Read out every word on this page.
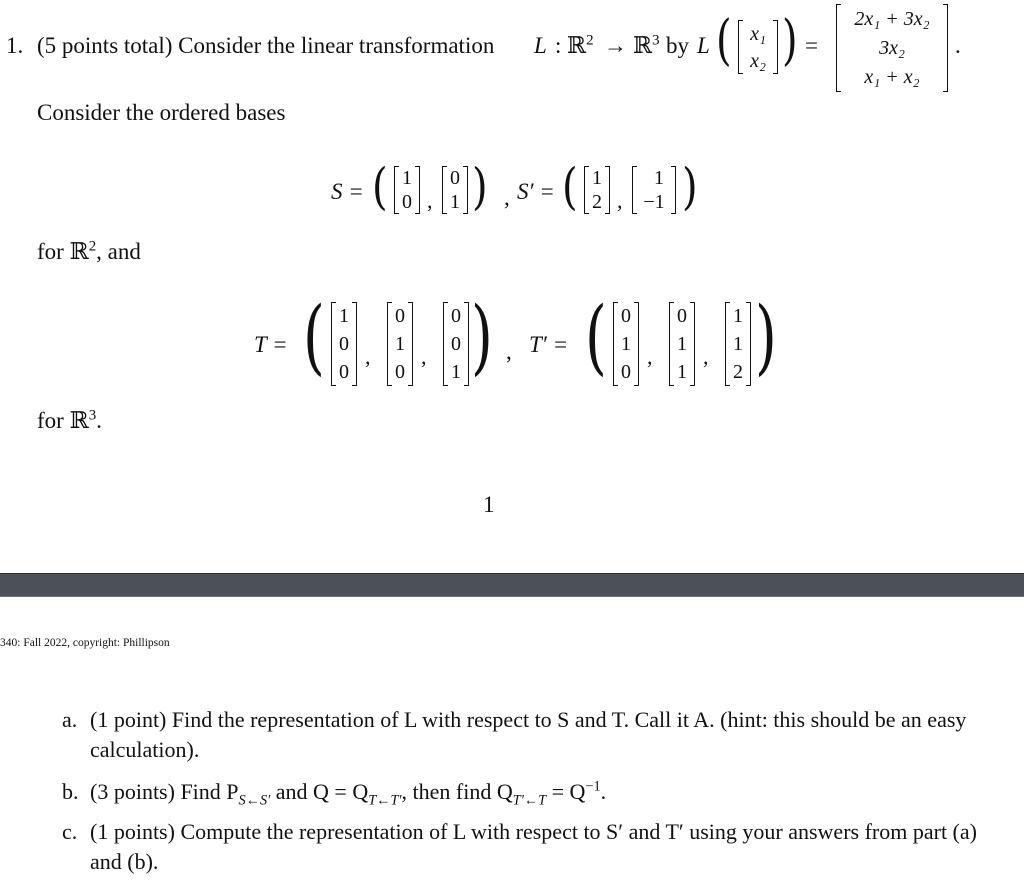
1. (5 points total) Consider the linear transformation L : ℝ$^2$ → ℝ$^3$ by L ( x₁
x₂ ) =
2x₁ + 3x₂
3x₂
x₁ + x₂
.
Consider the ordered bases
S = ( 1
0 ,
0
1 ) , S′ = ( 1
2 ,
1
−1 )
for ℝ$^2$, and
T = ( 1
0
0
,
0
1
0
,
0
0
1 ) , T′ = ( 0
1
0
,
0
1
1
,
1
1
2 )
for ℝ$^3$.
1
340: Fall 2022, copyright: Phillipson
a. (1 point) Find the representation of L with respect to S and T. Call it A. (hint: this should be an easy calculation).
b. (3 points) Find $P_{S\leftarrow S'}$ and $Q = Q_{T\leftarrow T'}$, then find $Q_{T'\leftarrow T} = Q^{-1}$.
c. (1 points) Compute the representation of L with respect to S′ and T′ using your answers from part (a) and (b).
